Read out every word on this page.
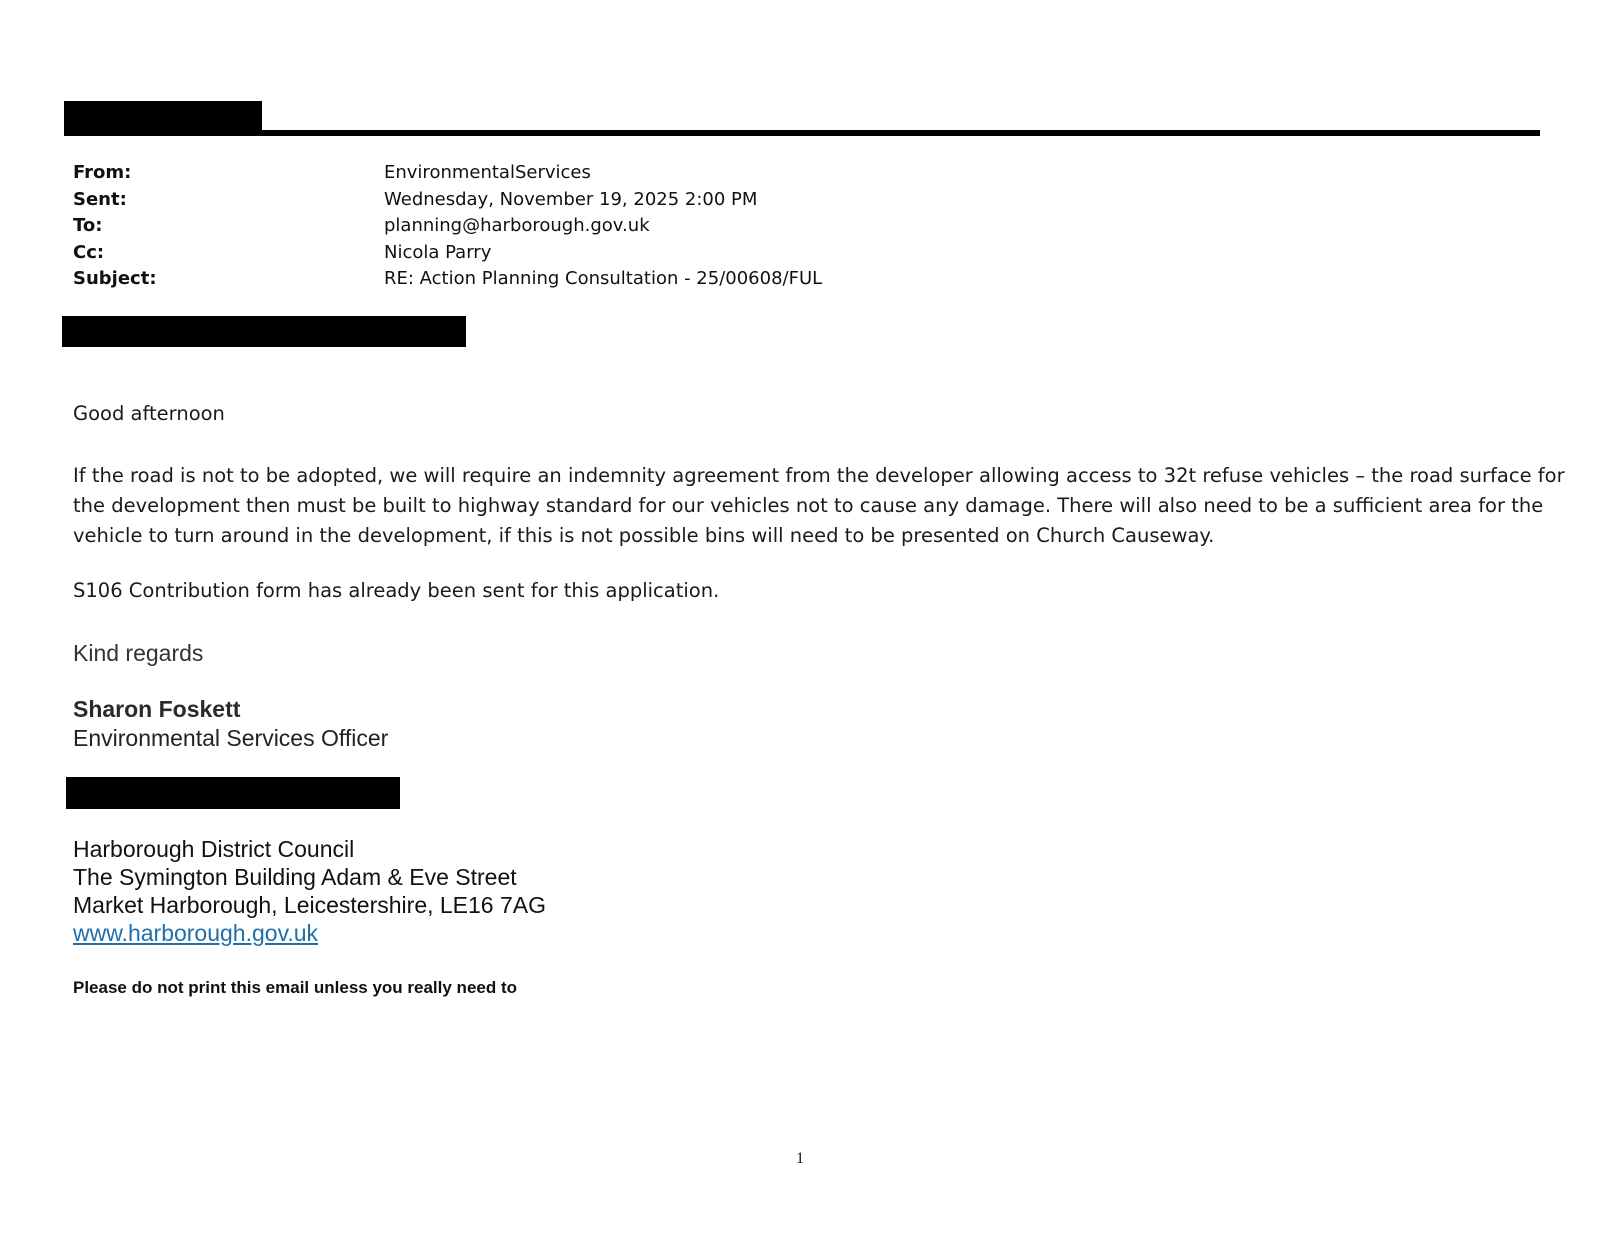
From:	EnvironmentalServices
Sent:	Wednesday, November 19, 2025 2:00 PM
To:	planning@harborough.gov.uk
Cc:	Nicola Parry
Subject:	RE: Action Planning Consultation - 25/00608/FUL
Good afternoon
If the road is not to be adopted, we will require an indemnity agreement from the developer allowing access to 32t refuse vehicles – the road surface for the development then must be built to highway standard for our vehicles not to cause any damage. There will also need to be a sufficient area for the vehicle to turn around in the development, if this is not possible bins will need to be presented on Church Causeway.
S106 Contribution form has already been sent for this application.
Kind regards
Sharon Foskett
Environmental Services Officer
Harborough District Council
The Symington Building Adam & Eve Street
Market Harborough, Leicestershire, LE16 7AG
www.harborough.gov.uk
Please do not print this email unless you really need to
1
